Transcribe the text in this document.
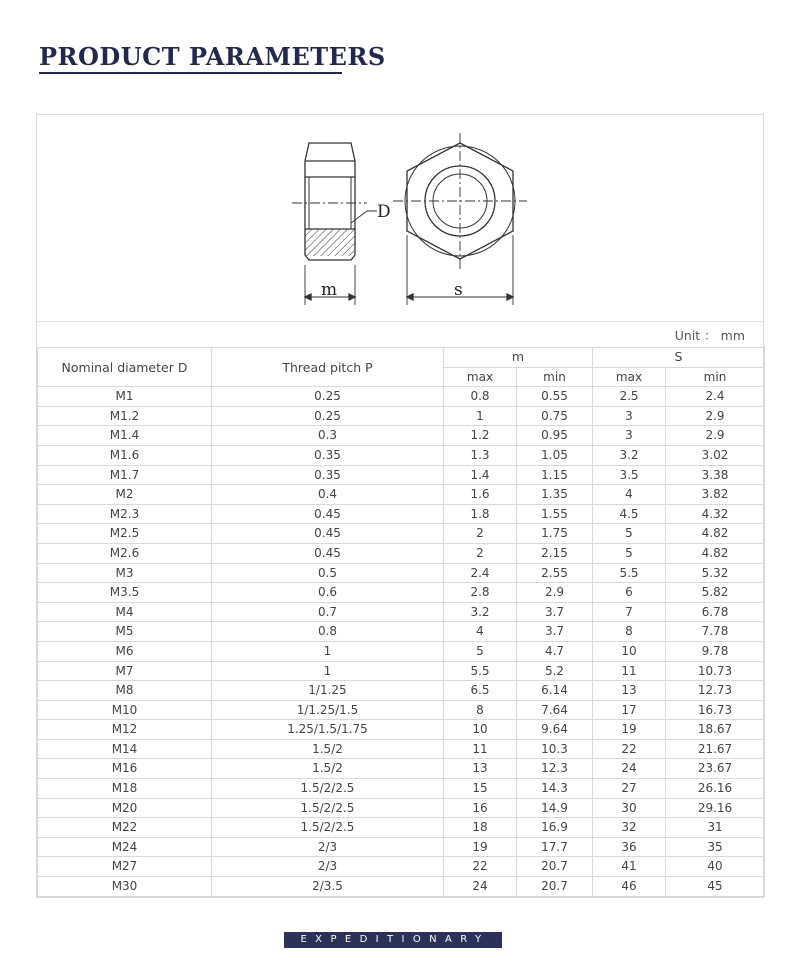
PRODUCT PARAMETERS
D
m	s
Unit ： mm
Nominal diameter D	Thread pitch P	m		S	
		max	min	max	min
M1	0.25	0.8	0.55	2.5	2.4
M1.2	0.25	1	0.75	3	2.9
M1.4	0.3	1.2	0.95	3	2.9
M1.6	0.35	1.3	1.05	3.2	3.02
M1.7	0.35	1.4	1.15	3.5	3.38
M2	0.4	1.6	1.35	4	3.82
M2.3	0.45	1.8	1.55	4.5	4.32
M2.5	0.45	2	1.75	5	4.82
M2.6	0.45	2	2.15	5	4.82
M3	0.5	2.4	2.55	5.5	5.32
M3.5	0.6	2.8	2.9	6	5.82
M4	0.7	3.2	3.7	7	6.78
M5	0.8	4	3.7	8	7.78
M6	1	5	4.7	10	9.78
M7	1	5.5	5.2	11	10.73
M8	1/1.25	6.5	6.14	13	12.73
M10	1/1.25/1.5	8	7.64	17	16.73
M12	1.25/1.5/1.75	10	9.64	19	18.67
M14	1.5/2	11	10.3	22	21.67
M16	1.5/2	13	12.3	24	23.67
M18	1.5/2/2.5	15	14.3	27	26.16
M20	1.5/2/2.5	16	14.9	30	29.16
M22	1.5/2/2.5	18	16.9	32	31
M24	2/3	19	17.7	36	35
M27	2/3	22	20.7	41	40
M30	2/3.5	24	20.7	46	45
EXPEDITIONARY
